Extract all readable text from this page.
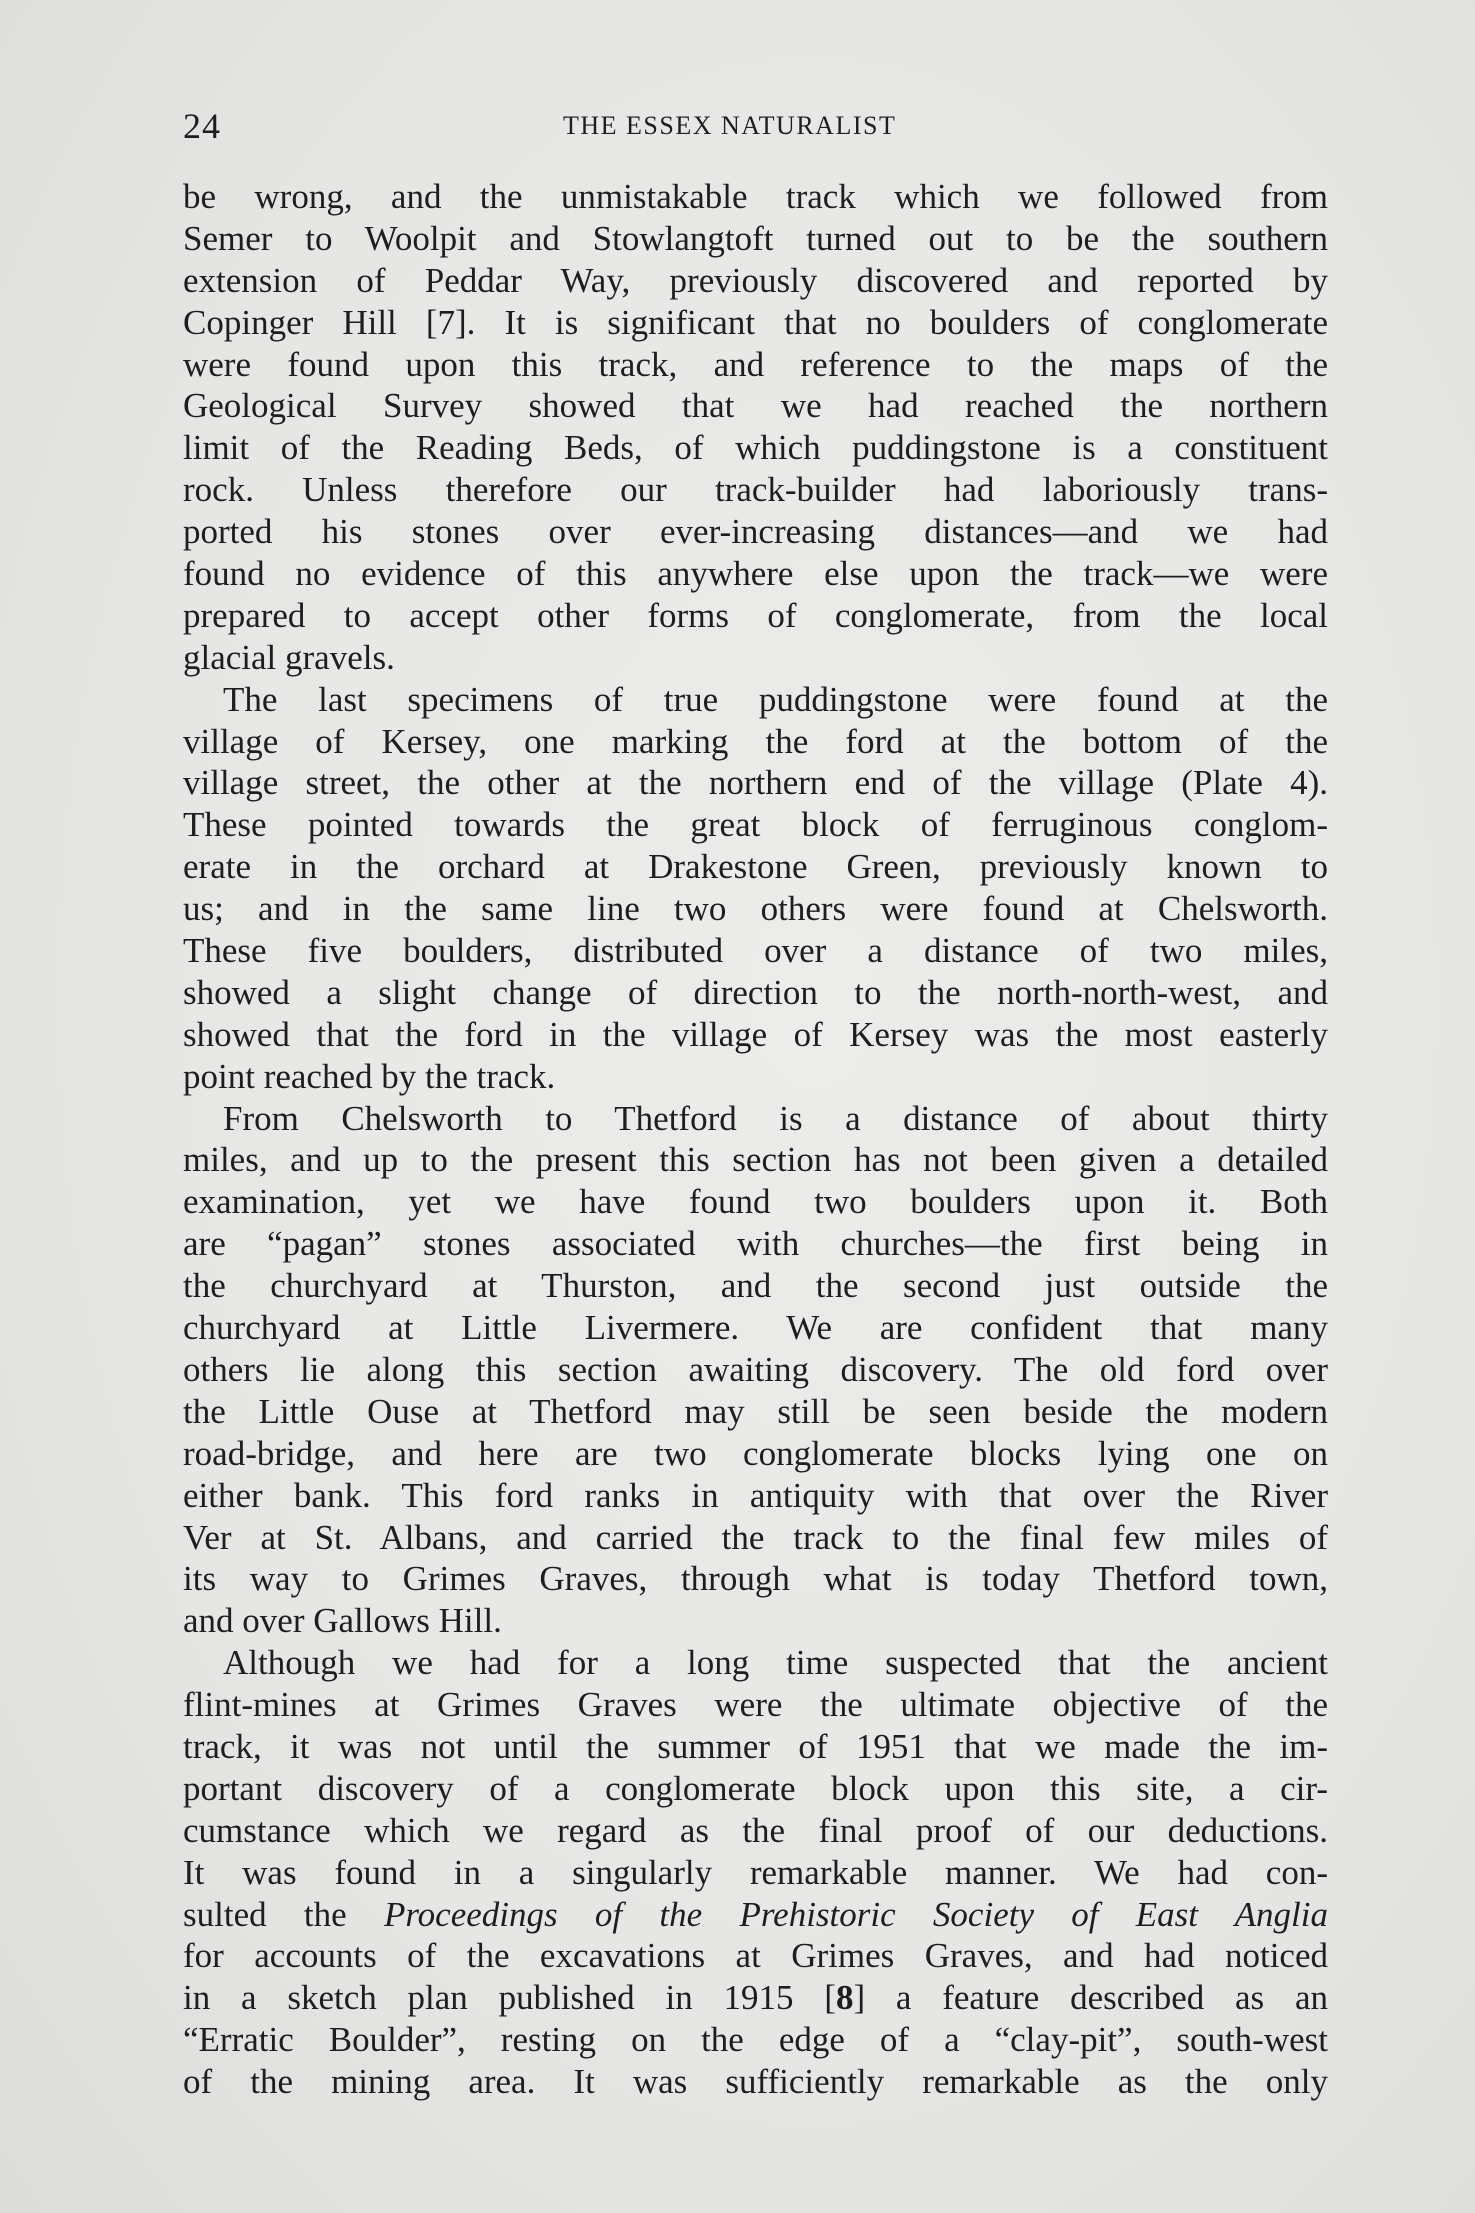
24	THE ESSEX NATURALIST
be wrong, and the unmistakable track which we followed from
Semer to Woolpit and Stowlangtoft turned out to be the southern
extension of Peddar Way, previously discovered and reported by
Copinger Hill [7]. It is significant that no boulders of conglomerate
were found upon this track, and reference to the maps of the
Geological Survey showed that we had reached the northern
limit of the Reading Beds, of which puddingstone is a constituent
rock. Unless therefore our track-builder had laboriously trans-
ported his stones over ever-increasing distances—and we had
found no evidence of this anywhere else upon the track—we were
prepared to accept other forms of conglomerate, from the local
glacial gravels.
The last specimens of true puddingstone were found at the
village of Kersey, one marking the ford at the bottom of the
village street, the other at the northern end of the village (Plate 4).
These pointed towards the great block of ferruginous conglom-
erate in the orchard at Drakestone Green, previously known to
us; and in the same line two others were found at Chelsworth.
These five boulders, distributed over a distance of two miles,
showed a slight change of direction to the north-north-west, and
showed that the ford in the village of Kersey was the most easterly
point reached by the track.
From Chelsworth to Thetford is a distance of about thirty
miles, and up to the present this section has not been given a detailed
examination, yet we have found two boulders upon it. Both
are “pagan” stones associated with churches—the first being in
the churchyard at Thurston, and the second just outside the
churchyard at Little Livermere. We are confident that many
others lie along this section awaiting discovery. The old ford over
the Little Ouse at Thetford may still be seen beside the modern
road-bridge, and here are two conglomerate blocks lying one on
either bank. This ford ranks in antiquity with that over the River
Ver at St. Albans, and carried the track to the final few miles of
its way to Grimes Graves, through what is today Thetford town,
and over Gallows Hill.
Although we had for a long time suspected that the ancient
flint-mines at Grimes Graves were the ultimate objective of the
track, it was not until the summer of 1951 that we made the im-
portant discovery of a conglomerate block upon this site, a cir-
cumstance which we regard as the final proof of our deductions.
It was found in a singularly remarkable manner. We had con-
sulted the Proceedings of the Prehistoric Society of East Anglia
for accounts of the excavations at Grimes Graves, and had noticed
in a sketch plan published in 1915 [8] a feature described as an
“Erratic Boulder”, resting on the edge of a “clay-pit”, south-west
of the mining area. It was sufficiently remarkable as the only
